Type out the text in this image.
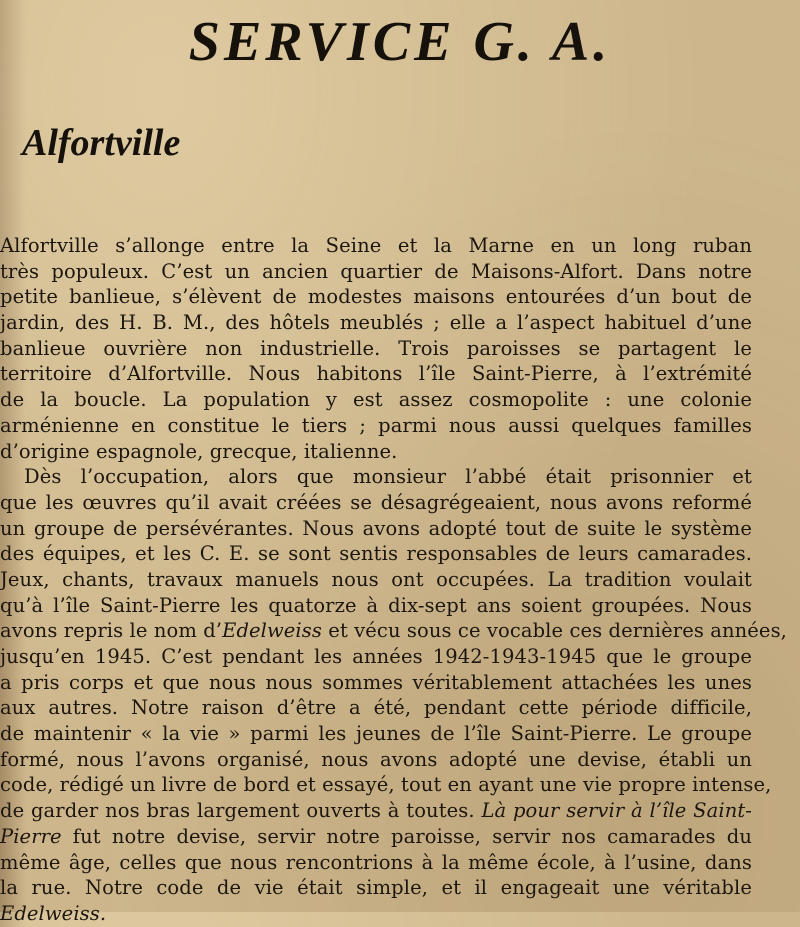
SERVICE G. A.
Alfortville
Alfortville s’allonge entre la Seine et la Marne en un long ruban
très populeux. C’est un ancien quartier de Maisons-Alfort. Dans notre
petite banlieue, s’élèvent de modestes maisons entourées d’un bout de
jardin, des H. B. M., des hôtels meublés ; elle a l’aspect habituel d’une
banlieue ouvrière non industrielle. Trois paroisses se partagent le
territoire d’Alfortville. Nous habitons l’île Saint-Pierre, à l’extrémité
de la boucle. La population y est assez cosmopolite : une colonie
arménienne en constitue le tiers ; parmi nous aussi quelques familles
d’origine espagnole, grecque, italienne.
Dès l’occupation, alors que monsieur l’abbé était prisonnier et
que les œuvres qu’il avait créées se désagrégeaient, nous avons reformé
un groupe de persévérantes. Nous avons adopté tout de suite le système
des équipes, et les C. E. se sont sentis responsables de leurs camarades.
Jeux, chants, travaux manuels nous ont occupées. La tradition voulait
qu’à l’île Saint-Pierre les quatorze à dix-sept ans soient groupées. Nous
avons repris le nom d’Edelweiss et vécu sous ce vocable ces dernières années,
jusqu’en 1945. C’est pendant les années 1942-1943-1945 que le groupe
a pris corps et que nous nous sommes véritablement attachées les unes
aux autres. Notre raison d’être a été, pendant cette période difficile,
de maintenir « la vie » parmi les jeunes de l’île Saint-Pierre. Le groupe
formé, nous l’avons organisé, nous avons adopté une devise, établi un
code, rédigé un livre de bord et essayé, tout en ayant une vie propre intense,
de garder nos bras largement ouverts à toutes. Là pour servir à l’île Saint-
Pierre fut notre devise, servir notre paroisse, servir nos camarades du
même âge, celles que nous rencontrions à la même école, à l’usine, dans
la rue. Notre code de vie était simple, et il engageait une véritable
Edelweiss.
